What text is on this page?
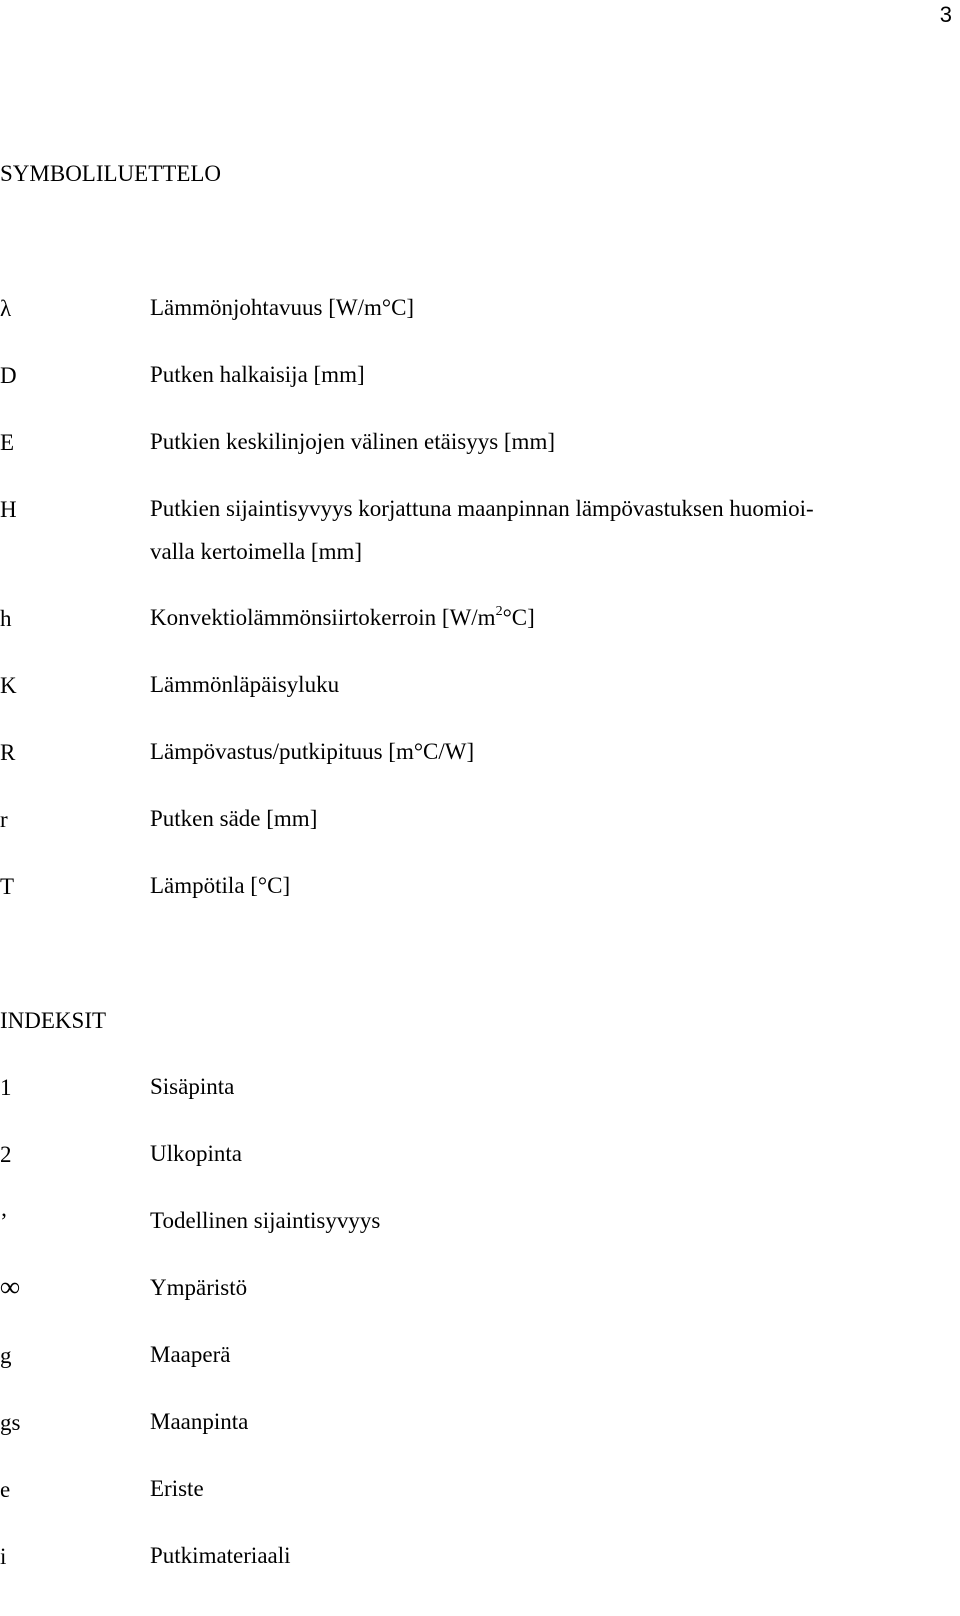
3
SYMBOLILUETTELO
λ	Lämmönjohtavuus [W/m°C]
D	Putken halkaisija [mm]
E	Putkien keskilinjojen välinen etäisyys [mm]
H	Putkien sijaintisyvyys korjattuna maanpinnan lämpövastuksen huomioi-
valla kertoimella [mm]
h	Konvektiolämmönsiirtokerroin $[W/m^2^\circ C]$
K	Lämmönläpäisyluku
R	Lämpövastus/putkipituus [m°C/W]
r	Putken säde [mm]
T	Lämpötila [°C]
INDEKSIT
1	Sisäpinta
2	Ulkopinta
’	Todellinen sijaintisyvyys
∞	Ympäristö
g	Maaperä
gs	Maanpinta
e	Eriste
i	Putkimateriaali
